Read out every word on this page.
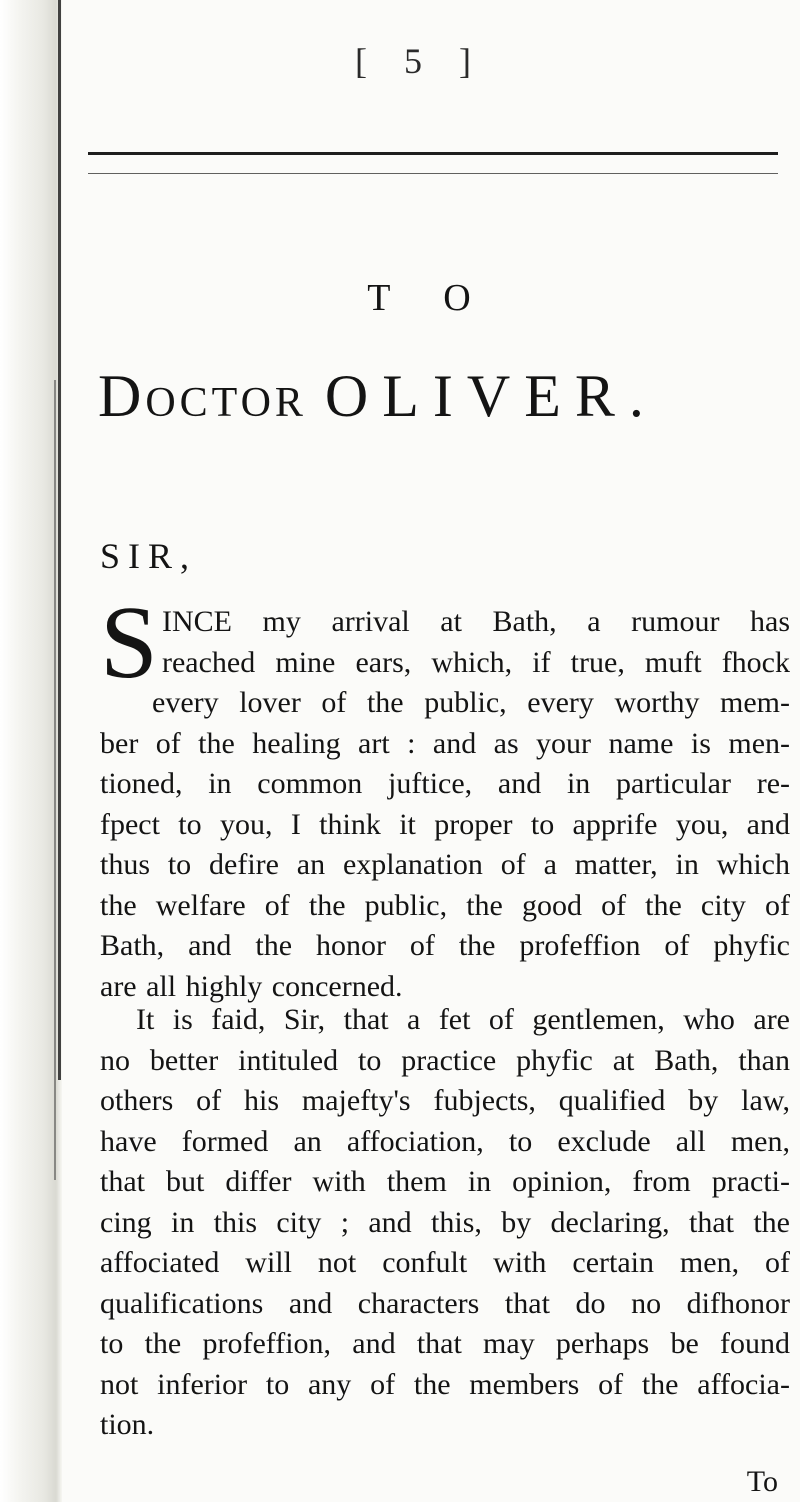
[ 5 ]
T O
Doctor OLIVER.
SIR,
S INCE my arrival at Bath, a rumour has
reached mine ears, which, if true, muft fhock
every lover of the public, every worthy mem-
ber of the healing art : and as your name is men-
tioned, in common juftice, and in particular re-
fpect to you, I think it proper to apprife you, and
thus to defire an explanation of a matter, in which
the welfare of the public, the good of the city of
Bath, and the honor of the profeffion of phyfic
are all highly concerned.
It is faid, Sir, that a fet of gentlemen, who are
no better intituled to practice phyfic at Bath, than
others of his majefty's fubjects, qualified by law,
have formed an affociation, to exclude all men,
that but differ with them in opinion, from practi-
cing in this city ; and this, by declaring, that the
affociated will not confult with certain men, of
qualifications and characters that do no difhonor
to the profeffion, and that may perhaps be found
not inferior to any of the members of the affocia-
tion.
To
